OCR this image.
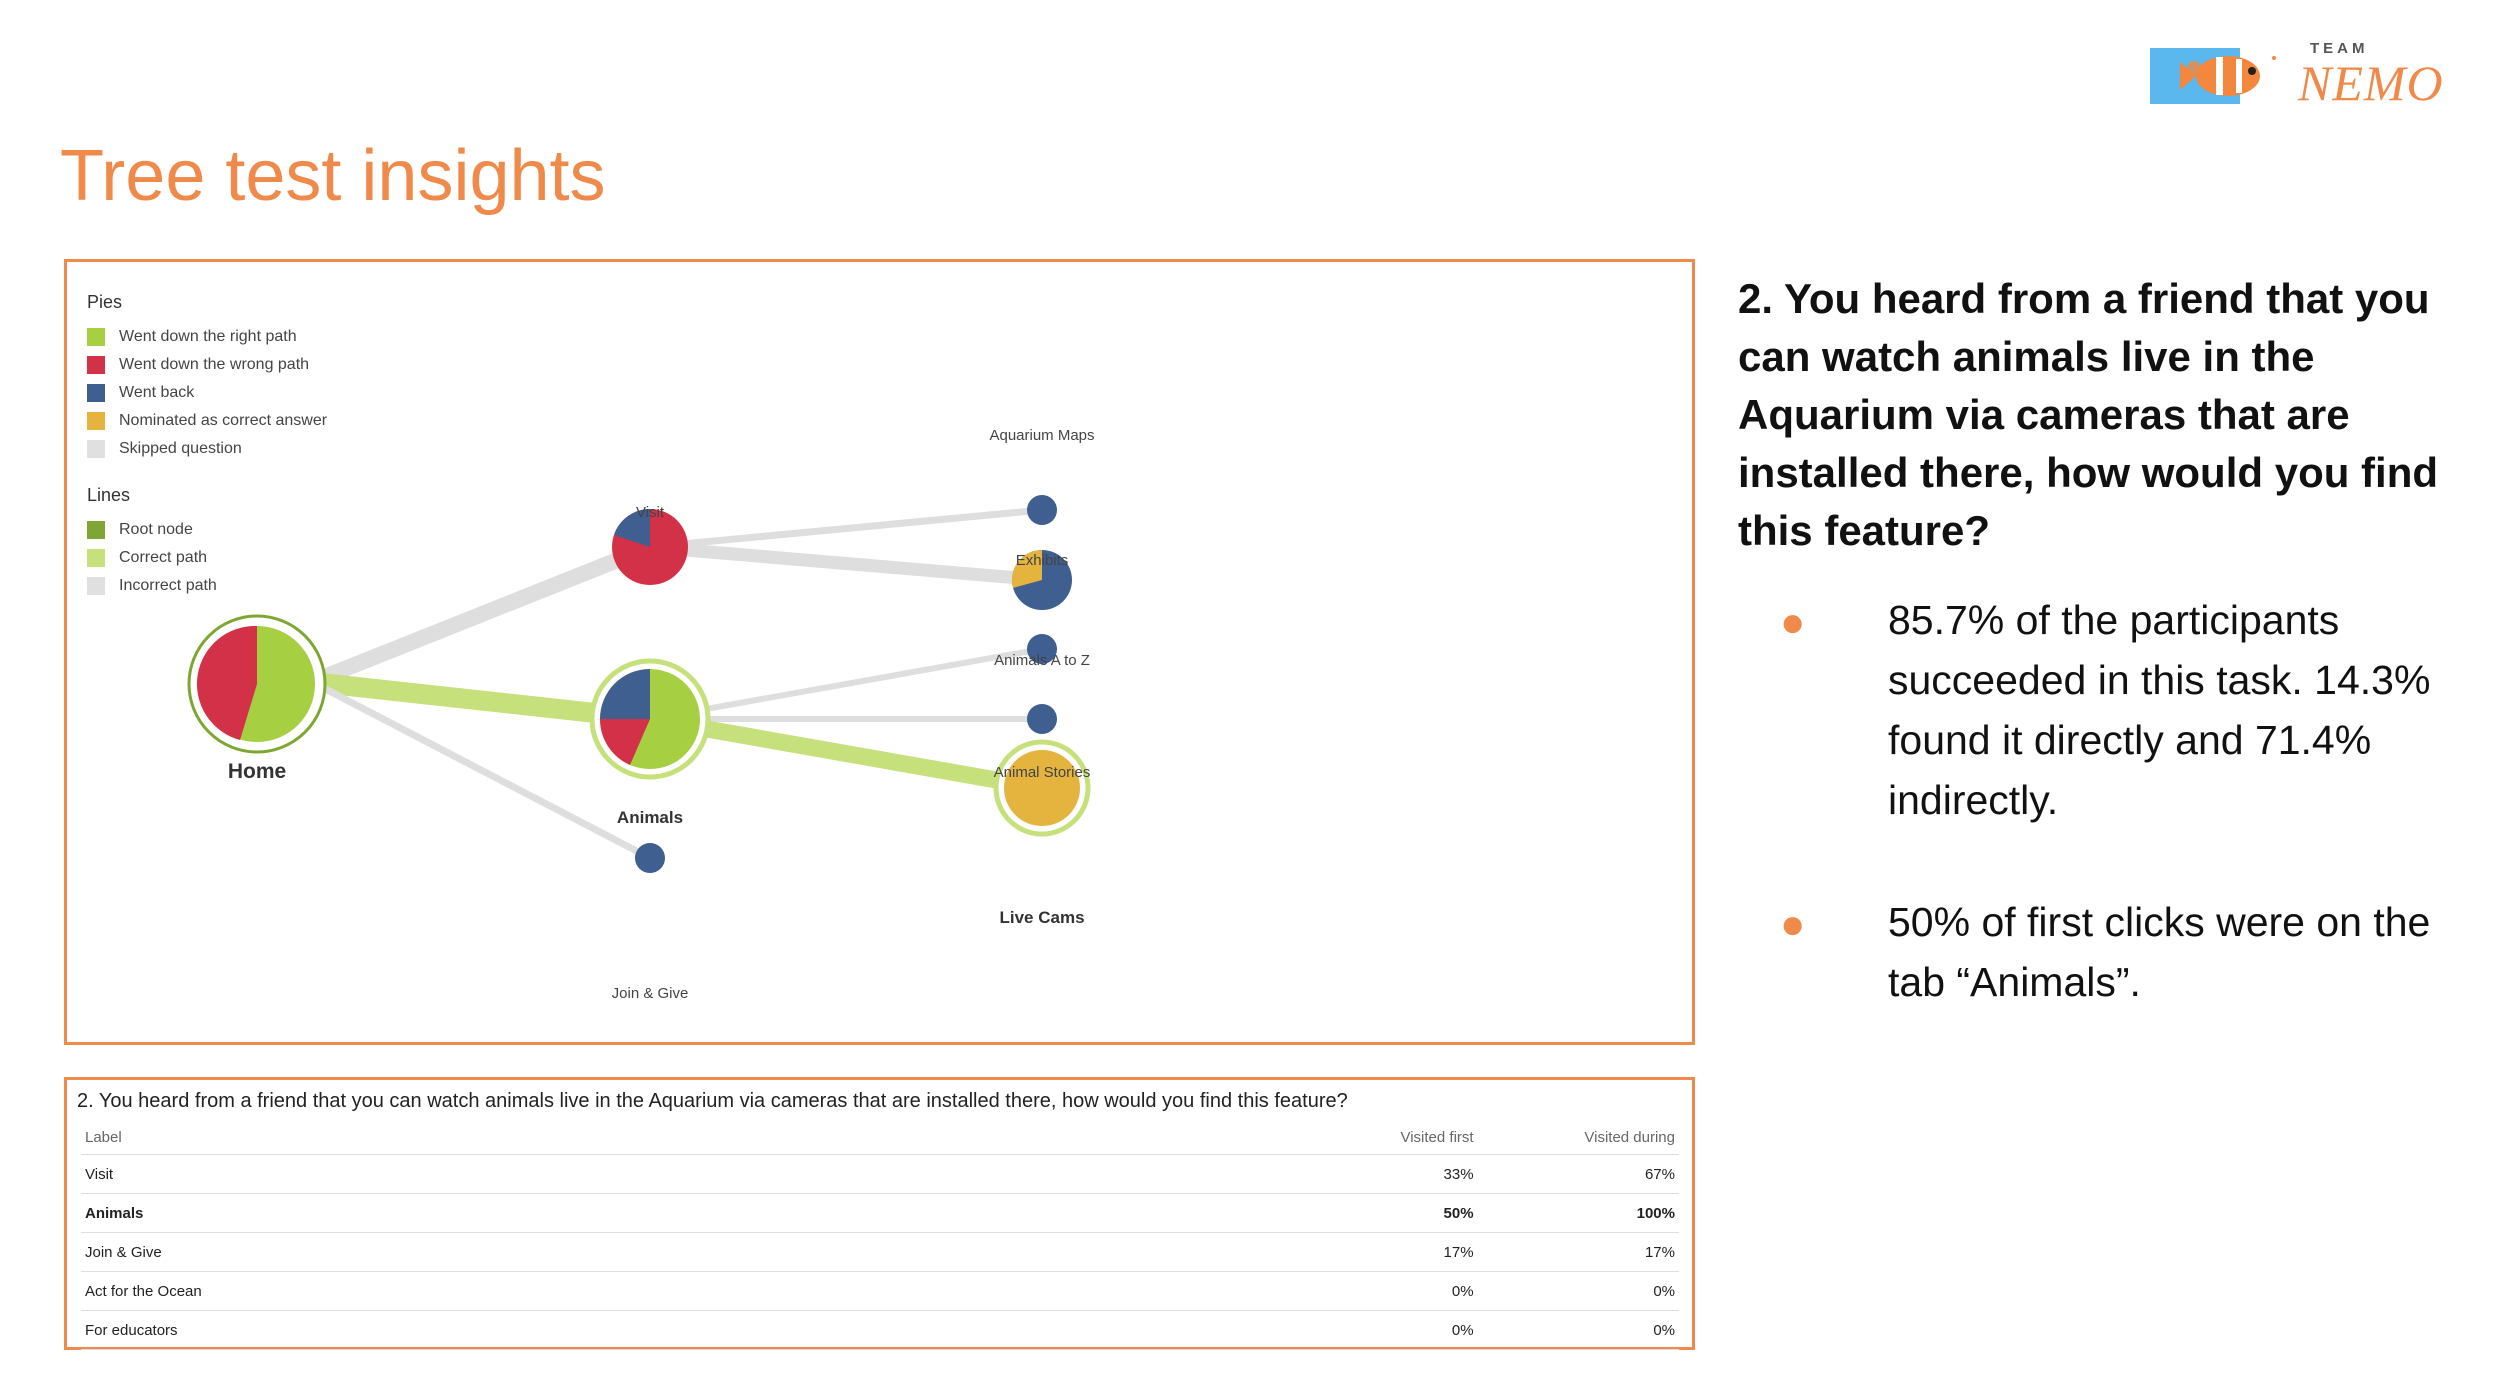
TEAM
NEMO
Tree test insights
Pies
Went down the right path
Went down the wrong path
Went back
Nominated as correct answer
Skipped question
Lines
Root node
Correct path
Incorrect path
Home
Visit
Animals
Join & Give
Aquarium Maps
Exhibits
Animals A to Z
Animal Stories
Live Cams
2. You heard from a friend that you can watch animals live in the Aquarium via cameras that are installed there, how would you find this feature?
Label	Visited first	Visited during
Visit	33%	67%
Animals	50%	100%
Join & Give	17%	17%
Act for the Ocean	0%	0%
For educators	0%	0%

2. You heard from a friend that you can watch animals live in the Aquarium via cameras that are installed there, how would you find this feature?

● 85.7% of the participants succeeded in this task. 14.3% found it directly and 71.4% indirectly.

● 50% of first clicks were on the tab “Animals”.
